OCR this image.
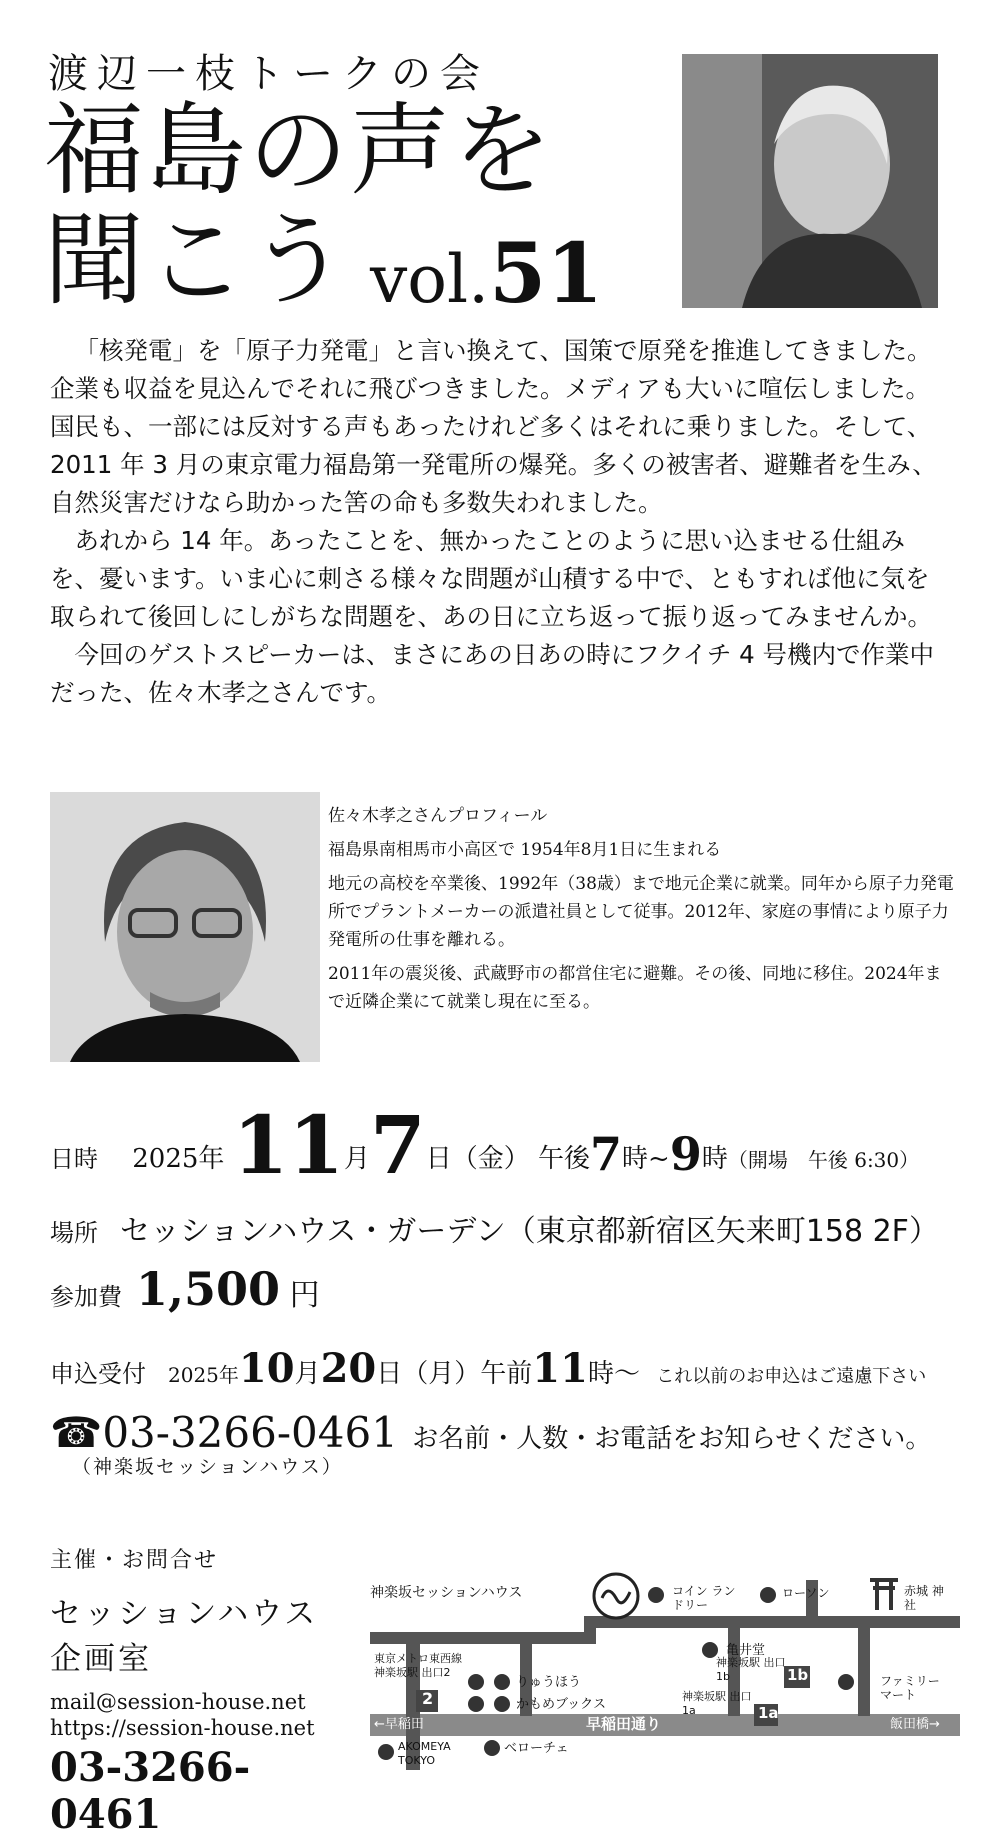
渡辺一枝トークの会
福島の声を
聞こう vol.51

「核発電」を「原子力発電」と言い換えて、国策で原発を推進してきました。企業も収益を見込んでそれに飛びつきました。メディアも大いに喧伝しました。国民も、一部には反対する声もあったけれど多くはそれに乗りました。そして、2011 年 3 月の東京電力福島第一発電所の爆発。多くの被害者、避難者を生み、自然災害だけなら助かった筈の命も多数失われました。

あれから 14 年。あったことを、無かったことのように思い込ませる仕組みを、憂います。いま心に刺さる様々な問題が山積する中で、ともすれば他に気を取られて後回しにしがちな問題を、あの日に立ち返って振り返ってみませんか。

今回のゲストスピーカーは、まさにあの日あの時にフクイチ 4 号機内で作業中だった、佐々木孝之さんです。

佐々木孝之さんプロフィール
福島県南相馬市小高区で 1954年8月1日に生まれる
地元の高校を卒業後、1992年（38歳）まで地元企業に就業。同年から原子力発電所でプラントメーカーの派遣社員として従事。2012年、家庭の事情により原子力発電所の仕事を離れる。
2011年の震災後、武蔵野市の都営住宅に避難。その後、同地に移住。2024年まで近隣企業にて就業し現在に至る。
日時 2025年 11月7日（金） 午後7時~9時（開場　午後 6:30）
場所 セッションハウス・ガーデン（東京都新宿区矢来町158 2F）
参加費 1,500 円
申込受付 2025年10月20日（月）午前11時～ これ以前のお申込はご遠慮下さい
☎03-3266-0461 お名前・人数・お電話をお知らせください。
（神楽坂セッションハウス）
主催・お問合せ
セッションハウス
企画室
mail@session-house.net
https://session-house.net
03-3266-0461
神楽坂セッションハウス	コイン ランドリー
ローソン	赤城 神社
亀井堂
東京メトロ東西線 神楽坂駅 出口2
2
りゅうほう
かもめブックス
神楽坂駅 出口1b	1b
神楽坂駅 出口1a	1a
ファミリー マート
←早稲田	早稲田通り	飯田橋→
AKOMEYA TOKYO
ベローチェ
